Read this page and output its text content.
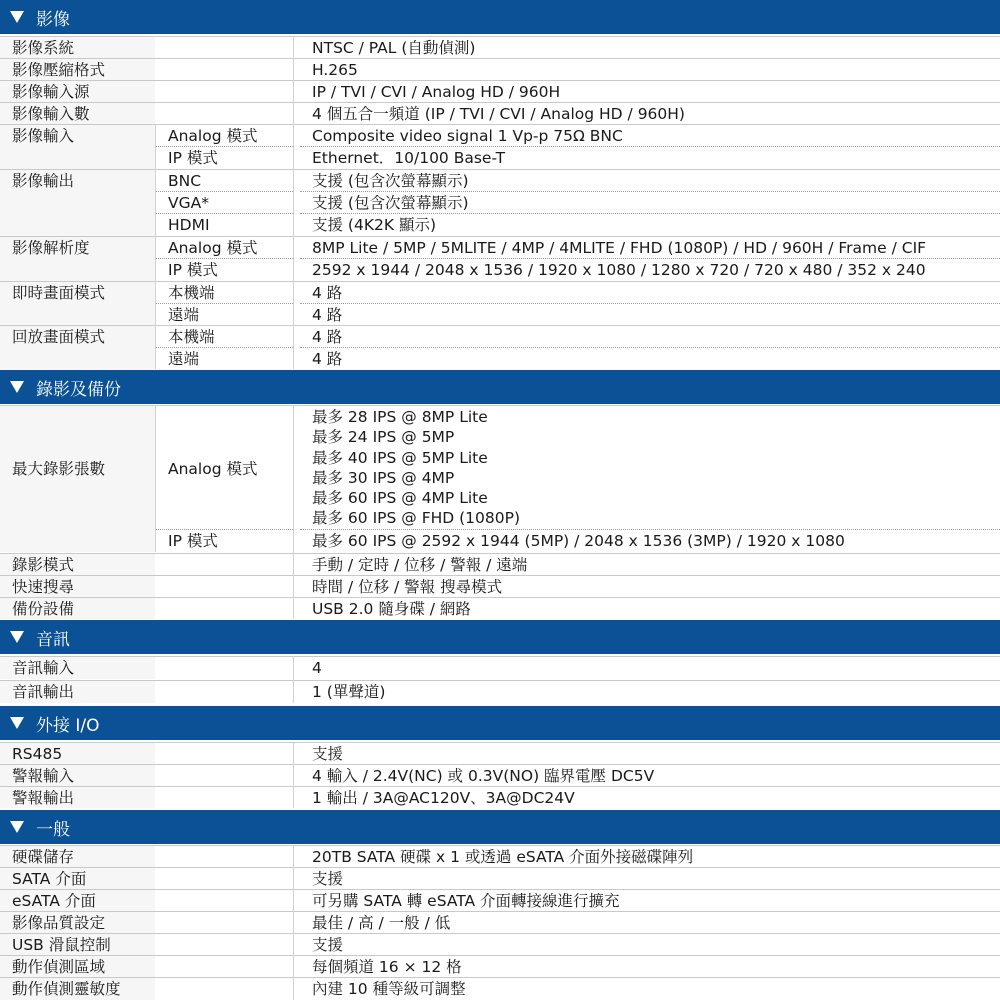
影像
影像系統	NTSC / PAL (自動偵測)
影像壓縮格式	H.265
影像輸入源	IP / TVI / CVI / Analog HD / 960H
影像輸入數	4 個五合一頻道 (IP / TVI / CVI / Analog HD / 960H)
影像輸入	Analog 模式	Composite video signal 1 Vp-p 75Ω BNC
IP 模式	Ethernet．10/100 Base-T
影像輸出	BNC	支援 (包含次螢幕顯示)
VGA*	支援 (包含次螢幕顯示)
HDMI	支援 (4K2K 顯示)
影像解析度	Analog 模式	8MP Lite / 5MP / 5MLITE / 4MP / 4MLITE / FHD (1080P) / HD / 960H / Frame / CIF
IP 模式	2592 x 1944 / 2048 x 1536 / 1920 x 1080 / 1280 x 720 / 720 x 480 / 352 x 240
即時畫面模式	本機端	4 路
遠端	4 路
回放畫面模式	本機端	4 路
遠端	4 路
錄影及備份
最大錄影張數	Analog 模式
最多 28 IPS @ 8MP Lite
最多 24 IPS @ 5MP
最多 40 IPS @ 5MP Lite
最多 30 IPS @ 4MP
最多 60 IPS @ 4MP Lite
最多 60 IPS @ FHD (1080P)
IP 模式	最多 60 IPS @ 2592 x 1944 (5MP) / 2048 x 1536 (3MP) / 1920 x 1080
錄影模式	手動 / 定時 / 位移 / 警報 / 遠端
快速搜尋	時間 / 位移 / 警報 搜尋模式
備份設備	USB 2.0 隨身碟 / 網路
音訊
音訊輸入	4
音訊輸出	1 (單聲道)
外接 I/O
RS485	支援
警報輸入	4 輸入 / 2.4V(NC) 或 0.3V(NO) 臨界電壓 DC5V
警報輸出	1 輸出 / 3A@AC120V、3A@DC24V
一般
硬碟儲存	20TB SATA 硬碟 x 1 或透過 eSATA 介面外接磁碟陣列
SATA 介面	支援
eSATA 介面	可另購 SATA 轉 eSATA 介面轉接線進行擴充
影像品質設定	最佳 / 高 / 一般 / 低
USB 滑鼠控制	支援
動作偵測區域	每個頻道 16 × 12 格
動作偵測靈敏度	內建 10 種等級可調整
